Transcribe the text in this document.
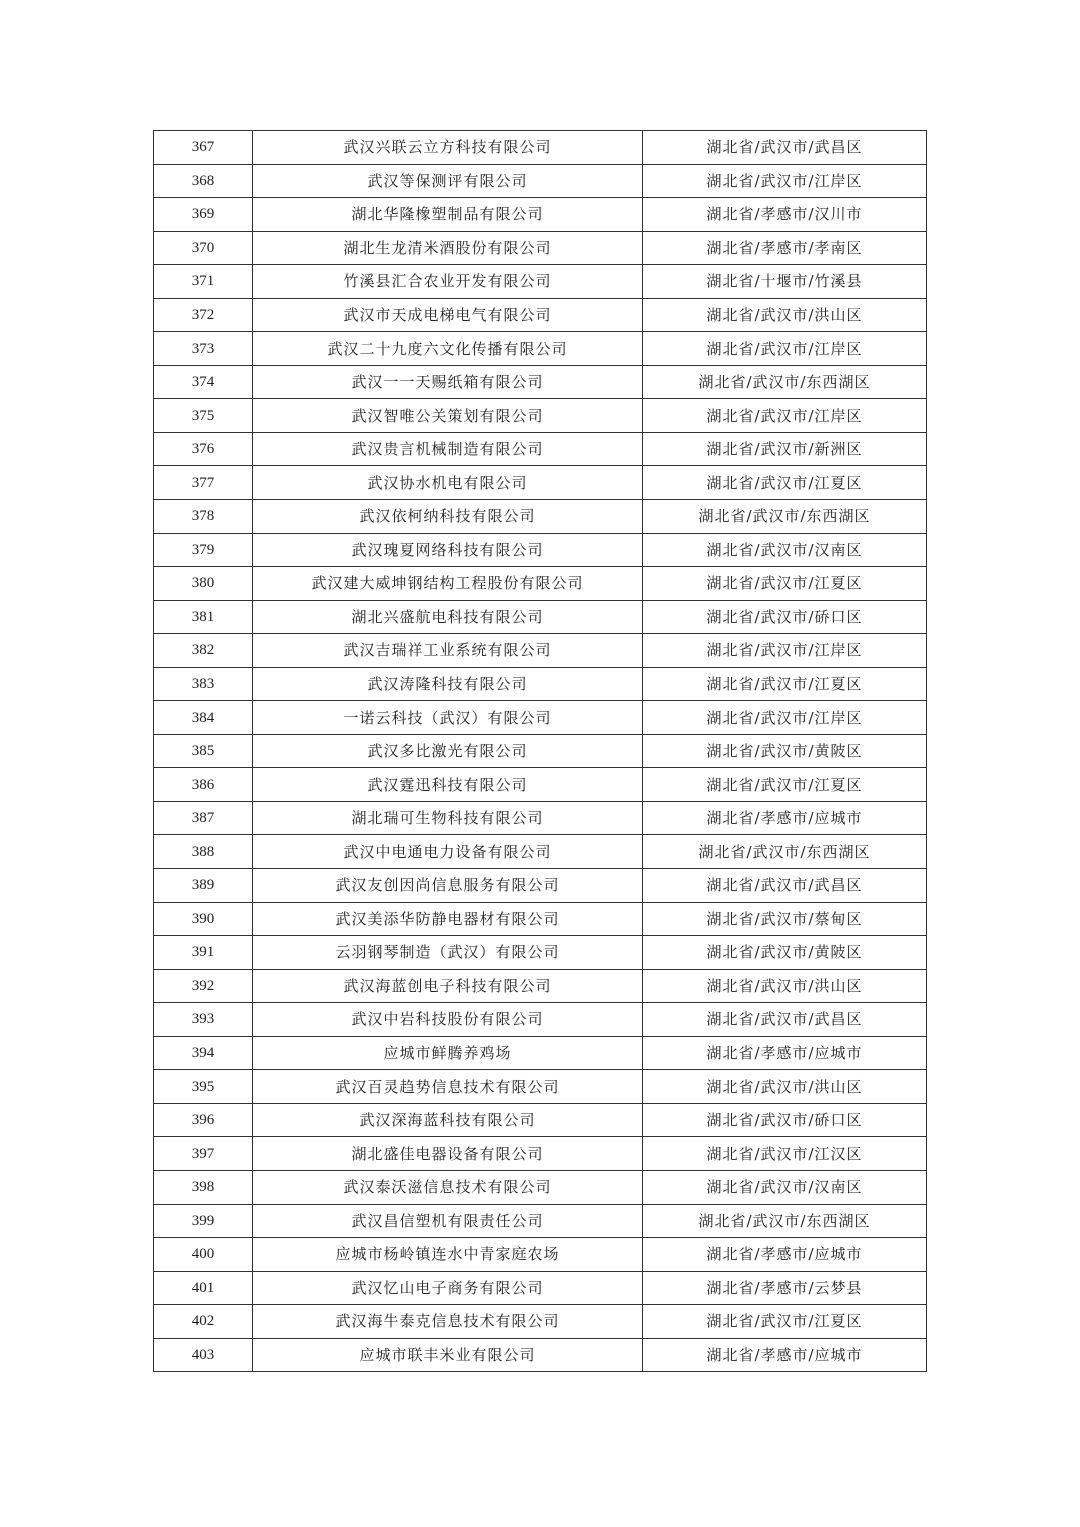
367	武汉兴联云立方科技有限公司	湖北省/武汉市/武昌区
368	武汉等保测评有限公司	湖北省/武汉市/江岸区
369	湖北华隆橡塑制品有限公司	湖北省/孝感市/汉川市
370	湖北生龙清米酒股份有限公司	湖北省/孝感市/孝南区
371	竹溪县汇合农业开发有限公司	湖北省/十堰市/竹溪县
372	武汉市天成电梯电气有限公司	湖北省/武汉市/洪山区
373	武汉二十九度六文化传播有限公司	湖北省/武汉市/江岸区
374	武汉一一天赐纸箱有限公司	湖北省/武汉市/东西湖区
375	武汉智唯公关策划有限公司	湖北省/武汉市/江岸区
376	武汉贵言机械制造有限公司	湖北省/武汉市/新洲区
377	武汉协水机电有限公司	湖北省/武汉市/江夏区
378	武汉依柯纳科技有限公司	湖北省/武汉市/东西湖区
379	武汉瑰夏网络科技有限公司	湖北省/武汉市/汉南区
380	武汉建大威坤钢结构工程股份有限公司	湖北省/武汉市/江夏区
381	湖北兴盛航电科技有限公司	湖北省/武汉市/硚口区
382	武汉吉瑞祥工业系统有限公司	湖北省/武汉市/江岸区
383	武汉涛隆科技有限公司	湖北省/武汉市/江夏区
384	一诺云科技（武汉）有限公司	湖北省/武汉市/江岸区
385	武汉多比激光有限公司	湖北省/武汉市/黄陂区
386	武汉霆迅科技有限公司	湖北省/武汉市/江夏区
387	湖北瑞可生物科技有限公司	湖北省/孝感市/应城市
388	武汉中电通电力设备有限公司	湖北省/武汉市/东西湖区
389	武汉友创因尚信息服务有限公司	湖北省/武汉市/武昌区
390	武汉美添华防静电器材有限公司	湖北省/武汉市/蔡甸区
391	云羽钢琴制造（武汉）有限公司	湖北省/武汉市/黄陂区
392	武汉海蓝创电子科技有限公司	湖北省/武汉市/洪山区
393	武汉中岩科技股份有限公司	湖北省/武汉市/武昌区
394	应城市鲜腾养鸡场	湖北省/孝感市/应城市
395	武汉百灵趋势信息技术有限公司	湖北省/武汉市/洪山区
396	武汉深海蓝科技有限公司	湖北省/武汉市/硚口区
397	湖北盛佳电器设备有限公司	湖北省/武汉市/江汉区
398	武汉泰沃滋信息技术有限公司	湖北省/武汉市/汉南区
399	武汉昌信塑机有限责任公司	湖北省/武汉市/东西湖区
400	应城市杨岭镇连水中青家庭农场	湖北省/孝感市/应城市
401	武汉忆山电子商务有限公司	湖北省/孝感市/云梦县
402	武汉海牛泰克信息技术有限公司	湖北省/武汉市/江夏区
403	应城市联丰米业有限公司	湖北省/孝感市/应城市
